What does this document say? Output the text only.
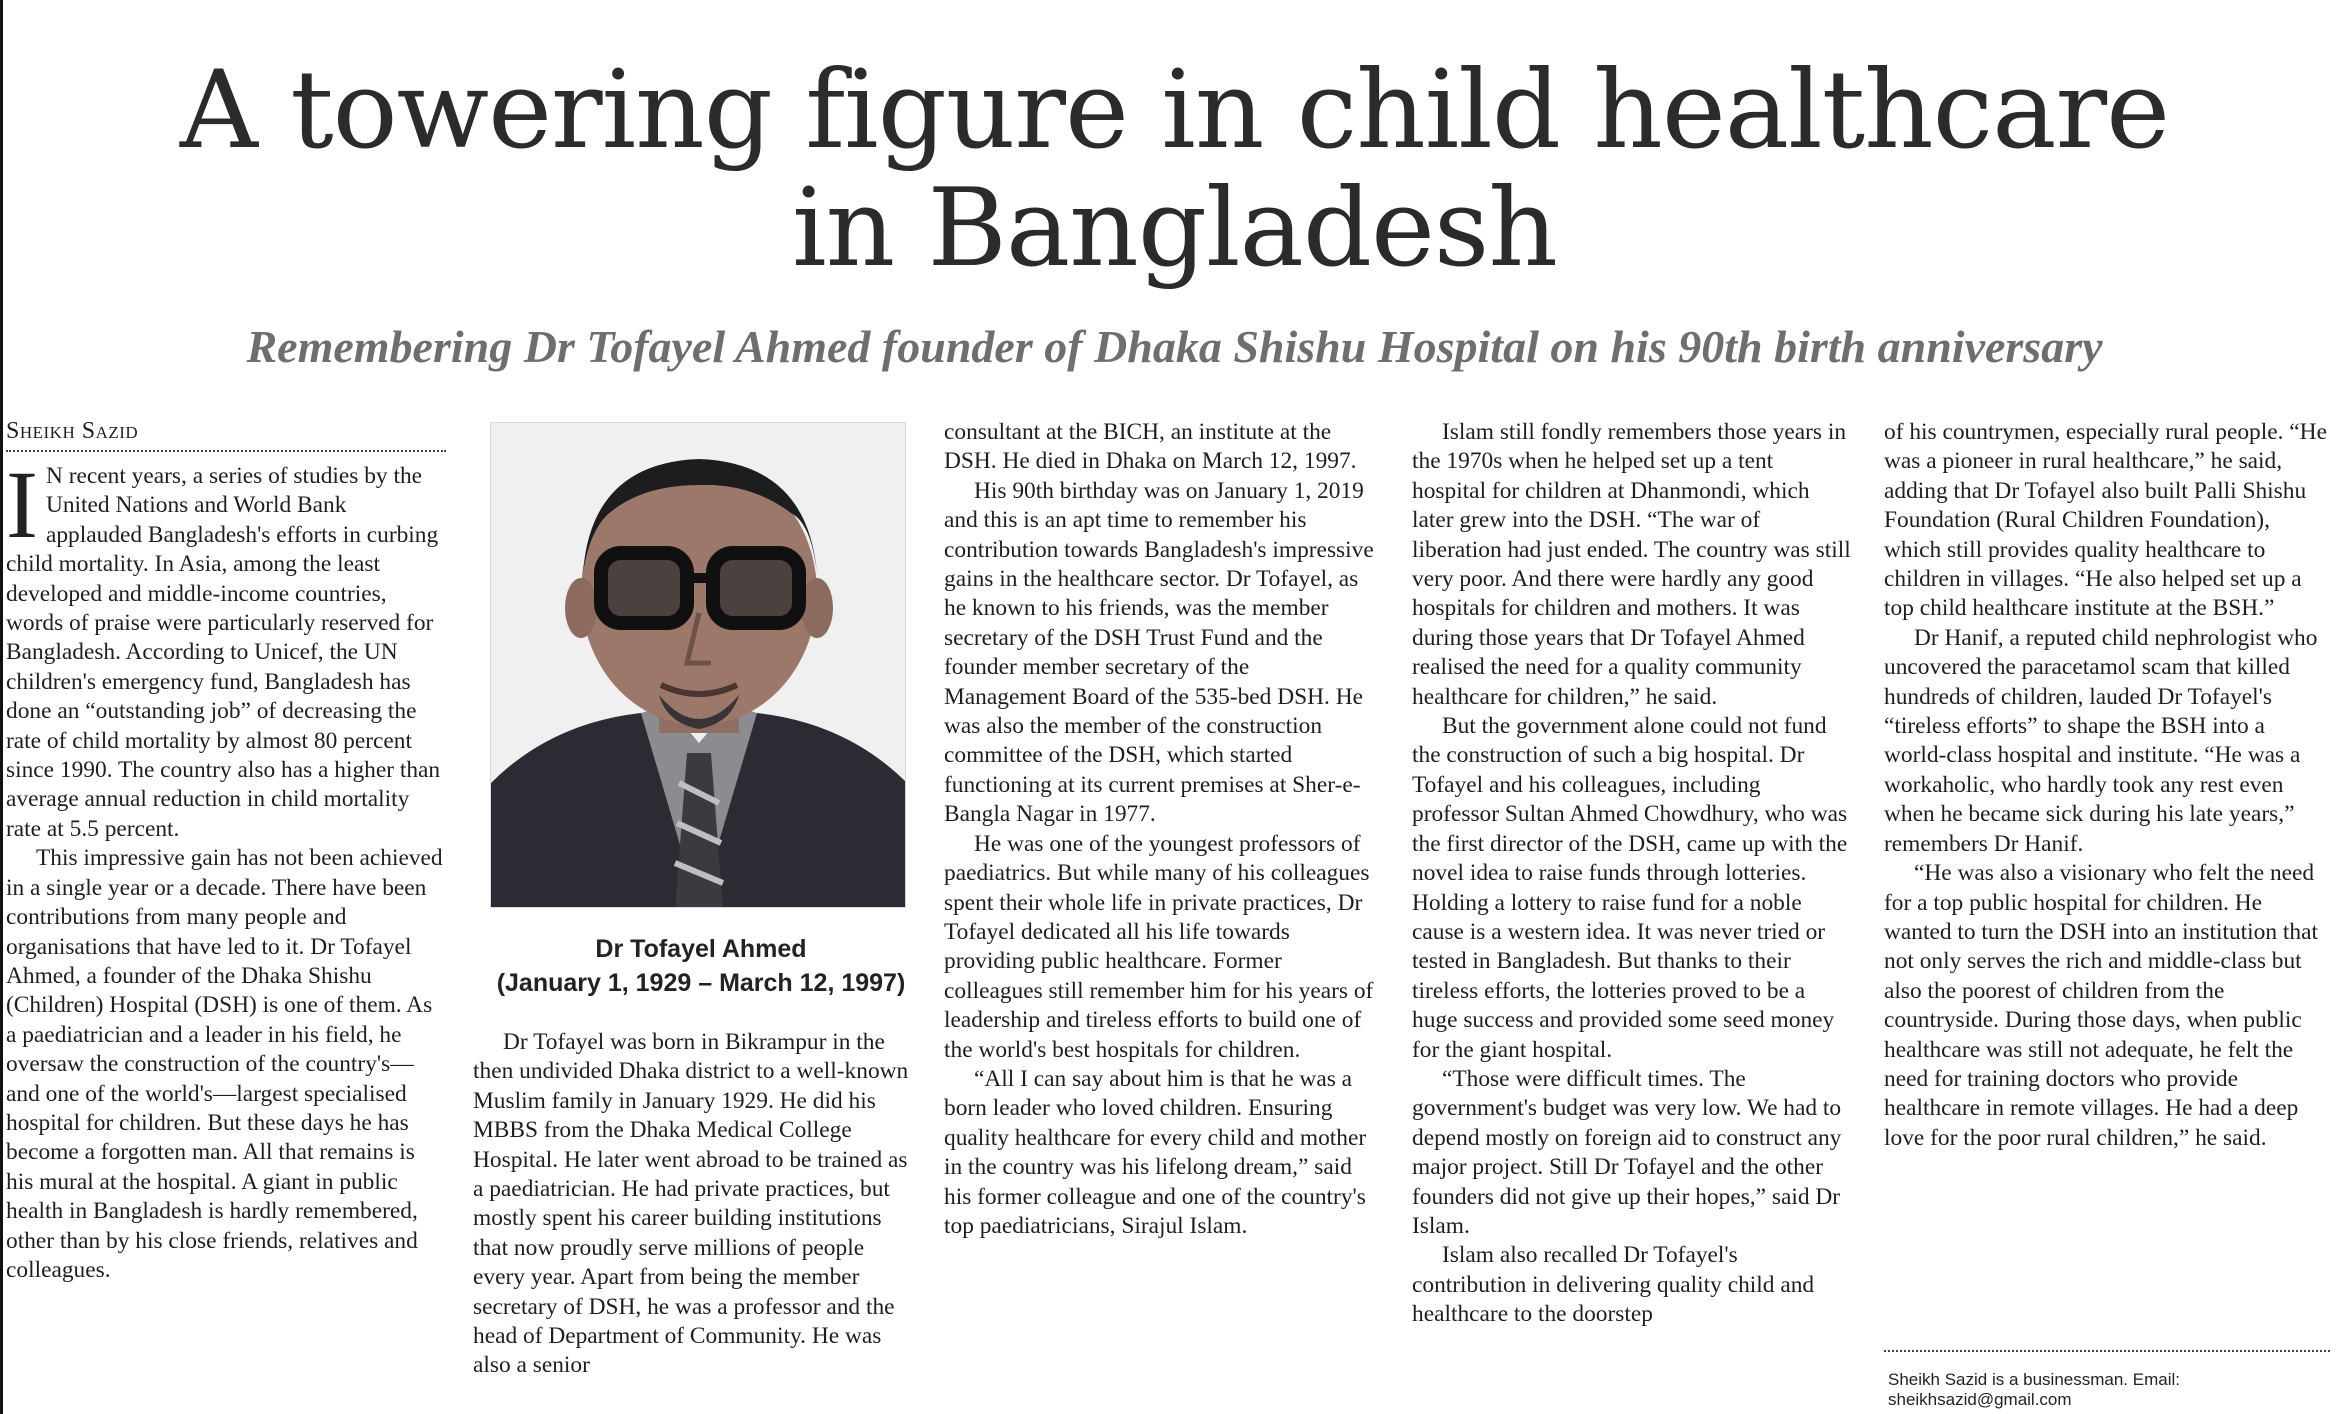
A towering figure in child healthcare
in Bangladesh
Remembering Dr Tofayel Ahmed founder of Dhaka Shishu Hospital on his 90th birth anniversary
Sheikh Sazid

I N recent years, a series of studies by the United Nations and World Bank applauded Bangladesh's efforts in curbing child mortality. In Asia, among the least developed and middle-income countries, words of praise were particularly reserved for Bangladesh. According to Unicef, the UN children's emergency fund, Bangladesh has done an “outstanding job” of decreasing the rate of child mortality by almost 80 percent since 1990. The country also has a higher than average annual reduction in child mortality rate at 5.5 percent.

This impressive gain has not been achieved in a single year or a decade. There have been contributions from many people and organisations that have led to it. Dr Tofayel Ahmed, a founder of the Dhaka Shishu (Children) Hospital (DSH) is one of them. As a paediatrician and a leader in his field, he oversaw the construction of the country's—and one of the world's—largest specialised hospital for children. But these days he has become a forgotten man. All that remains is his mural at the hospital. A giant in public health in Bangladesh is hardly remembered, other than by his close friends, relatives and colleagues.

Dr Tofayel Ahmed
(January 1, 1929 – March 12, 1997)

Dr Tofayel was born in Bikrampur in the then undivided Dhaka district to a well-known Muslim family in January 1929. He did his MBBS from the Dhaka Medical College Hospital. He later went abroad to be trained as a paediatrician. He had private practices, but mostly spent his career building institutions that now proudly serve millions of people every year. Apart from being the member secretary of DSH, he was a professor and the head of Department of Community. He was also a senior

consultant at the BICH, an institute at the DSH. He died in Dhaka on March 12, 1997.

His 90th birthday was on January 1, 2019 and this is an apt time to remember his contribution towards Bangladesh's impressive gains in the healthcare sector. Dr Tofayel, as he known to his friends, was the member secretary of the DSH Trust Fund and the founder member secretary of the Management Board of the 535-bed DSH. He was also the member of the construction committee of the DSH, which started functioning at its current premises at Sher-e-Bangla Nagar in 1977.

He was one of the youngest professors of paediatrics. But while many of his colleagues spent their whole life in private practices, Dr Tofayel dedicated all his life towards providing public healthcare. Former colleagues still remember him for his years of leadership and tireless efforts to build one of the world's best hospitals for children.

“All I can say about him is that he was a born leader who loved children. Ensuring quality healthcare for every child and mother in the country was his lifelong dream,” said his former colleague and one of the country's top paediatricians, Sirajul Islam.

Islam still fondly remembers those years in the 1970s when he helped set up a tent hospital for children at Dhanmondi, which later grew into the DSH. “The war of liberation had just ended. The country was still very poor. And there were hardly any good hospitals for children and mothers. It was during those years that Dr Tofayel Ahmed realised the need for a quality community healthcare for children,” he said.

But the government alone could not fund the construction of such a big hospital. Dr Tofayel and his colleagues, including professor Sultan Ahmed Chowdhury, who was the first director of the DSH, came up with the novel idea to raise funds through lotteries. Holding a lottery to raise fund for a noble cause is a western idea. It was never tried or tested in Bangladesh. But thanks to their tireless efforts, the lotteries proved to be a huge success and provided some seed money for the giant hospital.

“Those were difficult times. The government's budget was very low. We had to depend mostly on foreign aid to construct any major project. Still Dr Tofayel and the other founders did not give up their hopes,” said Dr Islam.

Islam also recalled Dr Tofayel's contribution in delivering quality child and healthcare to the doorstep

of his countrymen, especially rural people. “He was a pioneer in rural healthcare,” he said, adding that Dr Tofayel also built Palli Shishu Foundation (Rural Children Foundation), which still provides quality healthcare to children in villages. “He also helped set up a top child healthcare institute at the BSH.”

Dr Hanif, a reputed child nephrologist who uncovered the paracetamol scam that killed hundreds of children, lauded Dr Tofayel's “tireless efforts” to shape the BSH into a world-class hospital and institute. “He was a workaholic, who hardly took any rest even when he became sick during his late years,” remembers Dr Hanif.

“He was also a visionary who felt the need for a top public hospital for children. He wanted to turn the DSH into an institution that not only serves the rich and middle-class but also the poorest of children from the countryside. During those days, when public healthcare was still not adequate, he felt the need for training doctors who provide healthcare in remote villages. He had a deep love for the poor rural children,” he said.

Sheikh Sazid is a businessman. Email:
sheikhsazid@gmail.com
